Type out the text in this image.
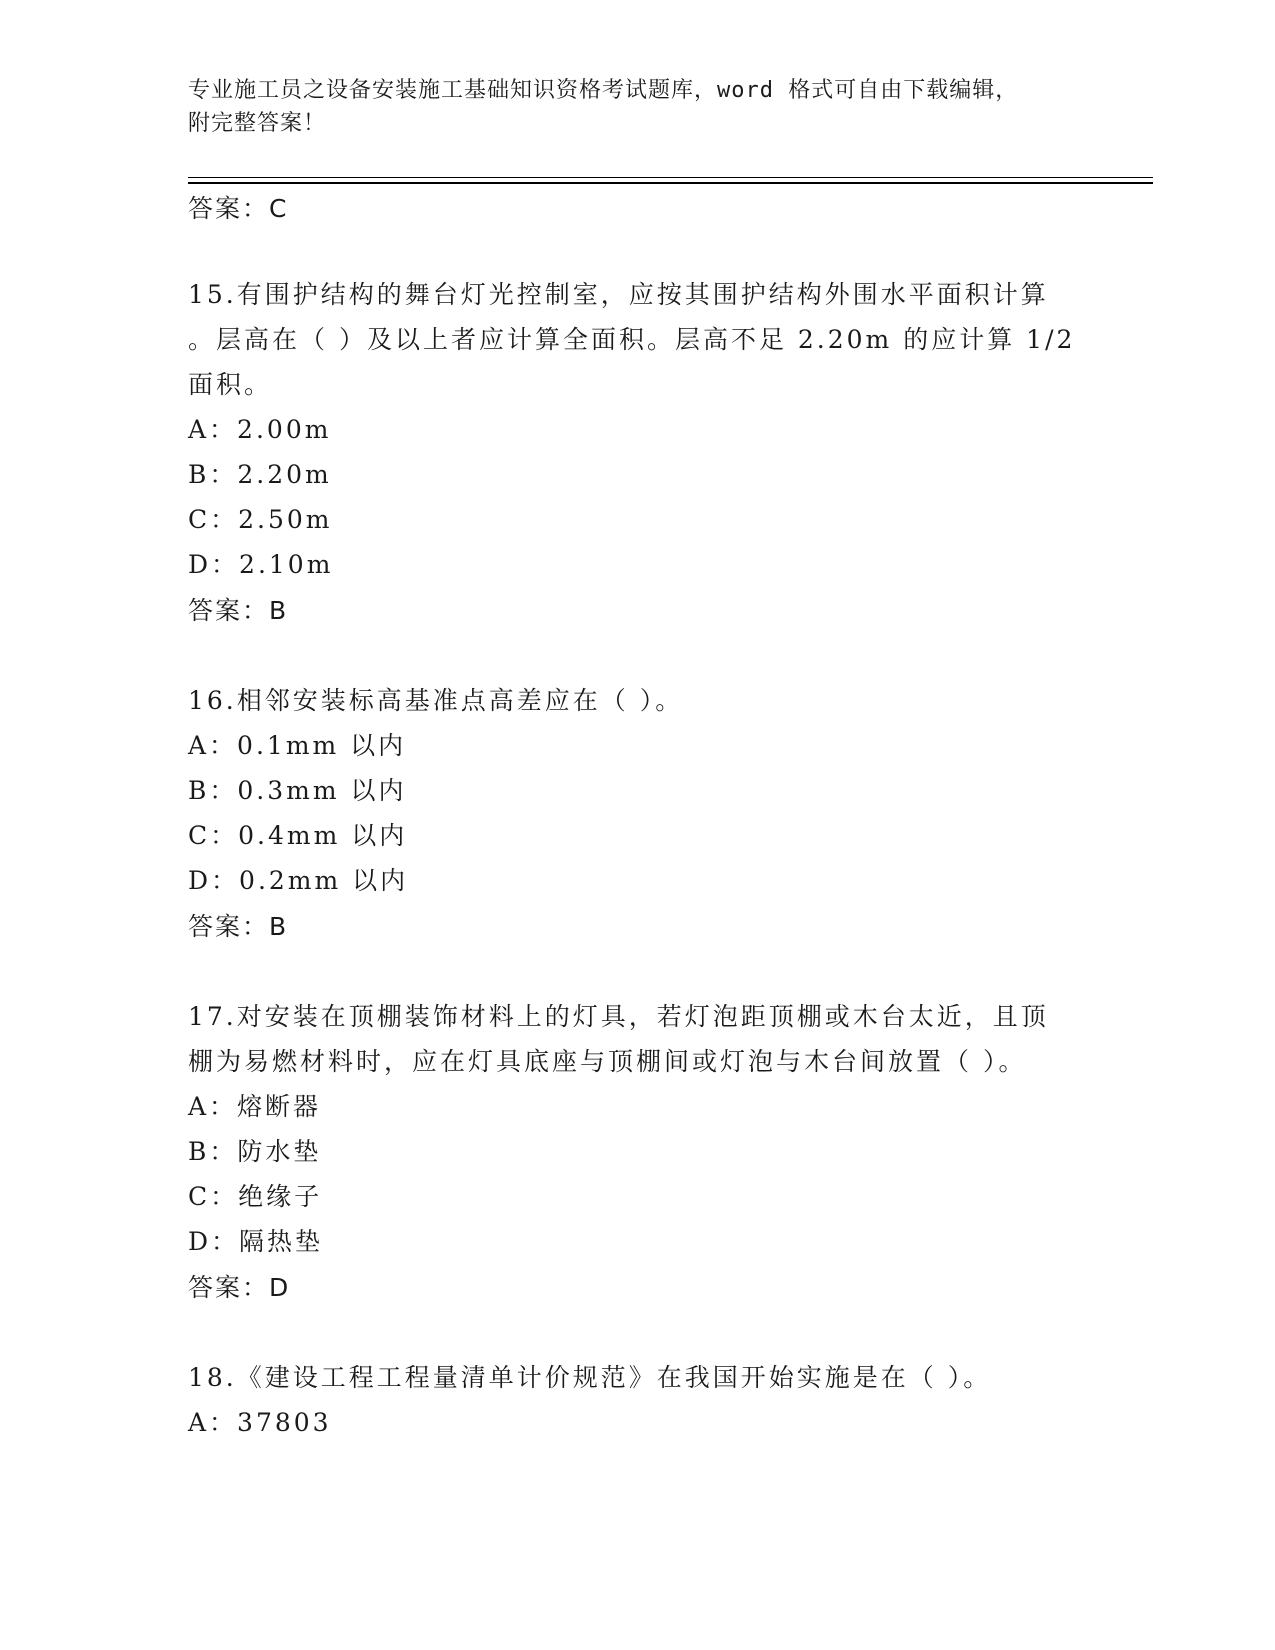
专业施工员之设备安装施工基础知识资格考试题库，word 格式可自由下载编辑，
附完整答案！
答案：C
15.有围护结构的舞台灯光控制室，应按其围护结构外围水平面积计算
。层高在（ ）及以上者应计算全面积。层高不足 2.20m 的应计算 1/2
面积。
A：2.00m
B：2.20m
C：2.50m
D：2.10m
答案：B
16.相邻安装标高基准点高差应在（ ）。
A：0.1mm 以内
B：0.3mm 以内
C：0.4mm 以内
D：0.2mm 以内
答案：B
17.对安装在顶棚装饰材料上的灯具，若灯泡距顶棚或木台太近，且顶
棚为易燃材料时，应在灯具底座与顶棚间或灯泡与木台间放置（ ）。
A：熔断器
B：防水垫
C：绝缘子
D：隔热垫
答案：D
18.《建设工程工程量清单计价规范》在我国开始实施是在（ ）。
A：37803
